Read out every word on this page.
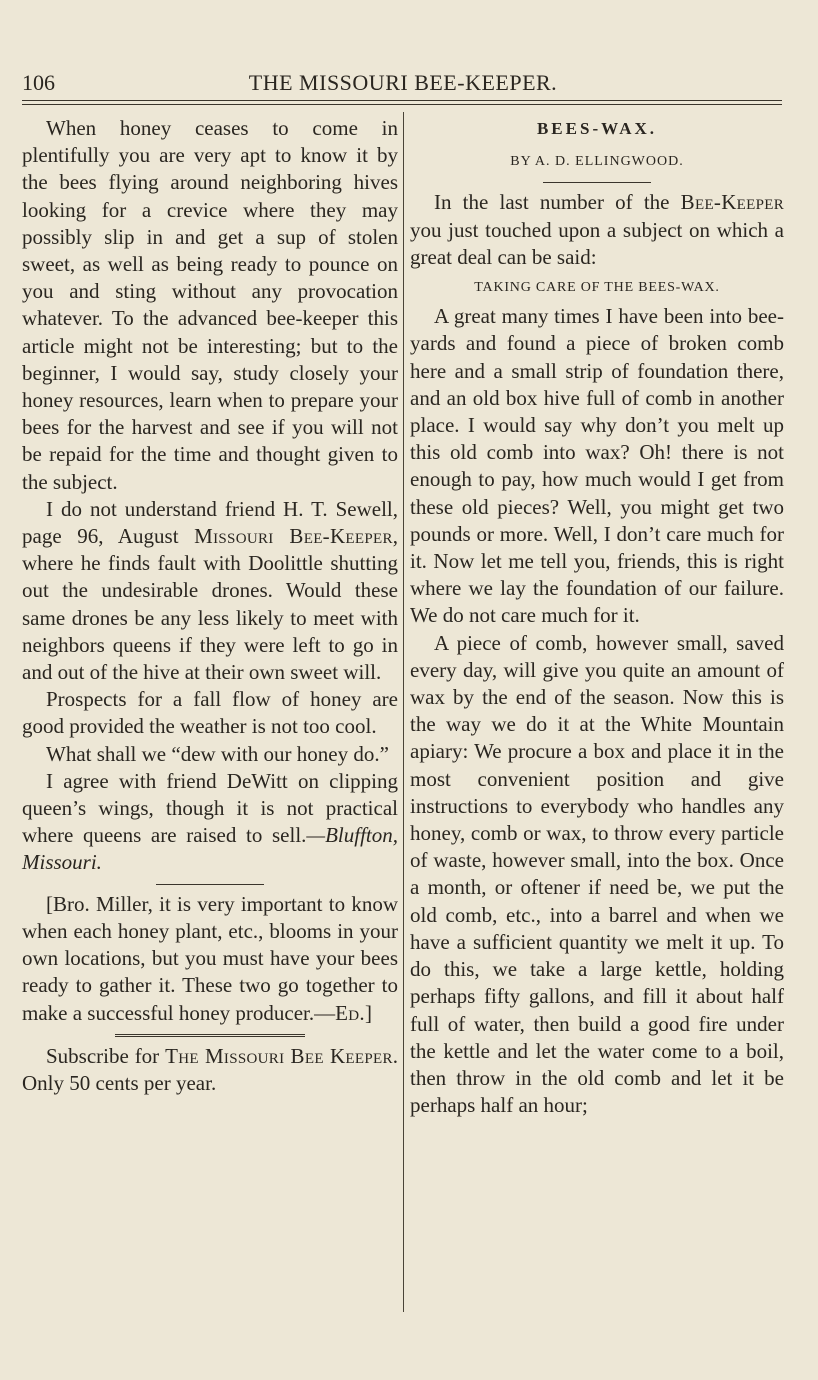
106	THE MISSOURI BEE-KEEPER.

When honey ceases to come in plentifully you are very apt to know it by the bees flying around neighboring hives looking for a crevice where they may possibly slip in and get a sup of stolen sweet, as well as being ready to pounce on you and sting without any provocation whatever. To the advanced bee-keeper this article might not be interesting; but to the beginner, I would say, study closely your honey resources, learn when to prepare your bees for the harvest and see if you will not be repaid for the time and thought given to the subject.

I do not understand friend H. T. Sewell, page 96, August Missouri Bee-Keeper, where he finds fault with Doolittle shutting out the undesirable drones. Would these same drones be any less likely to meet with neighbors queens if they were left to go in and out of the hive at their own sweet will.

Prospects for a fall flow of honey are good provided the weather is not too cool.

What shall we “dew with our honey do.”

I agree with friend DeWitt on clipping queen’s wings, though it is not practical where queens are raised to sell.—Bluffton, Missouri.

[Bro. Miller, it is very important to know when each honey plant, etc., blooms in your own locations, but you must have your bees ready to gather it. These two go together to make a successful honey producer.—Ed.]

Subscribe for The Missouri Bee Keeper. Only 50 cents per year.

BEES-WAX.
BY A. D. ELLINGWOOD.

In the last number of the Bee-Keeper you just touched upon a subject on which a great deal can be said:

TAKING CARE OF THE BEES-WAX.

A great many times I have been into bee-yards and found a piece of broken comb here and a small strip of foundation there, and an old box hive full of comb in another place. I would say why don’t you melt up this old comb into wax? Oh! there is not enough to pay, how much would I get from these old pieces? Well, you might get two pounds or more. Well, I don’t care much for it. Now let me tell you, friends, this is right where we lay the foundation of our failure. We do not care much for it.

A piece of comb, however small, saved every day, will give you quite an amount of wax by the end of the season. Now this is the way we do it at the White Mountain apiary: We procure a box and place it in the most convenient position and give instructions to everybody who handles any honey, comb or wax, to throw every particle of waste, however small, into the box. Once a month, or oftener if need be, we put the old comb, etc., into a barrel and when we have a sufficient quantity we melt it up. To do this, we take a large kettle, holding perhaps fifty gallons, and fill it about half full of water, then build a good fire under the kettle and let the water come to a boil, then throw in the old comb and let it be perhaps half an hour;
